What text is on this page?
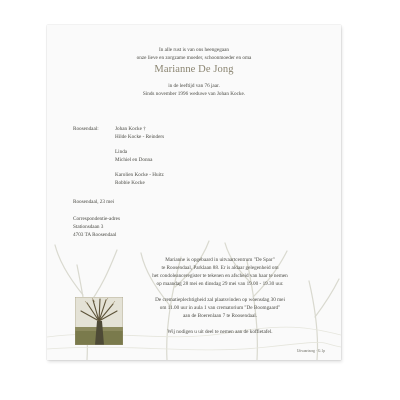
In alle rust is van ons heengegaan
onze lieve en zorgzame moeder, schoonmoeder en oma
Marianne De Jong
in de leeftijd van 76 jaar.
Sinds november 1996 weduwe van Johan Kocke.
Roosendaal:	Johan Kocke †
Hilde Kocke - Reinders
Linda
Michiel en Donna
Karolien Kocke - Huitz
Robbie Kocke
Roosendaal, 23 mei
Correspondentie-adres
Stationsdaan 3
4703 TA Roosendaal
Marianne is opgebaard in uitvaartcentrum "De Spar"
te Roosendaal, Parklaan 88. Er is aldaar gelegenheid om
het condoleanceregister te tekenen en afscheid van haar te nemen
op maandag 28 mei en dinsdag 29 mei van 19.00 - 19.30 uur.
De crematieplechtigheid zal plaatsvinden op woensdag 30 mei
om 11.00 uur in aula 1 van crematorium "De Boomgaard"
aan de Boerenlaan 7 te Roosendaal.
Wij nodigen u uit deel te nemen aan de koffietafel.
Uitvaartzorg · G.1p
